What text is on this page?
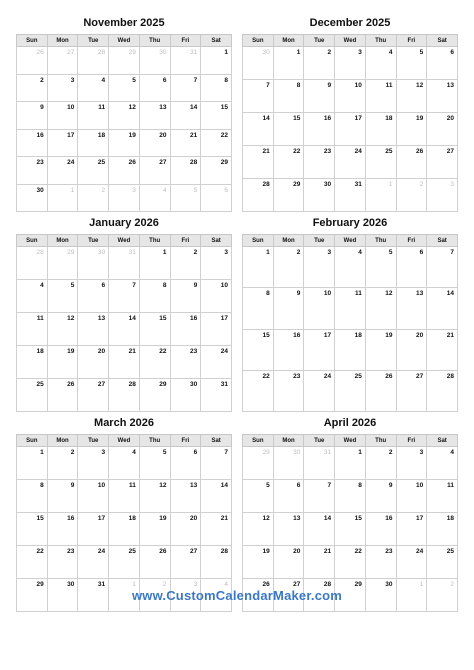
November 2025
Sun	Mon	Tue	Wed	Thu	Fri	Sat
26	27	28	29	30	31	1
2	3	4	5	6	7	8
9	10	11	12	13	14	15
16	17	18	19	20	21	22
23	24	25	26	27	28	29
30	1	2	3	4	5	6
December 2025
Sun	Mon	Tue	Wed	Thu	Fri	Sat
30	1	2	3	4	5	6
7	8	9	10	11	12	13
14	15	16	17	18	19	20
21	22	23	24	25	26	27
28	29	30	31	1	2	3
January 2026
Sun	Mon	Tue	Wed	Thu	Fri	Sat
28	29	30	31	1	2	3
4	5	6	7	8	9	10
11	12	13	14	15	16	17
18	19	20	21	22	23	24
25	26	27	28	29	30	31
February 2026
Sun	Mon	Tue	Wed	Thu	Fri	Sat
1	2	3	4	5	6	7
8	9	10	11	12	13	14
15	16	17	18	19	20	21
22	23	24	25	26	27	28
March 2026
Sun	Mon	Tue	Wed	Thu	Fri	Sat
1	2	3	4	5	6	7
8	9	10	11	12	13	14
15	16	17	18	19	20	21
22	23	24	25	26	27	28
29	30	31	1	2	3	4
April 2026
Sun	Mon	Tue	Wed	Thu	Fri	Sat
29	30	31	1	2	3	4
5	6	7	8	9	10	11
12	13	14	15	16	17	18
19	20	21	22	23	24	25
26	27	28	29	30	1	2
www.CustomCalendarMaker.com
